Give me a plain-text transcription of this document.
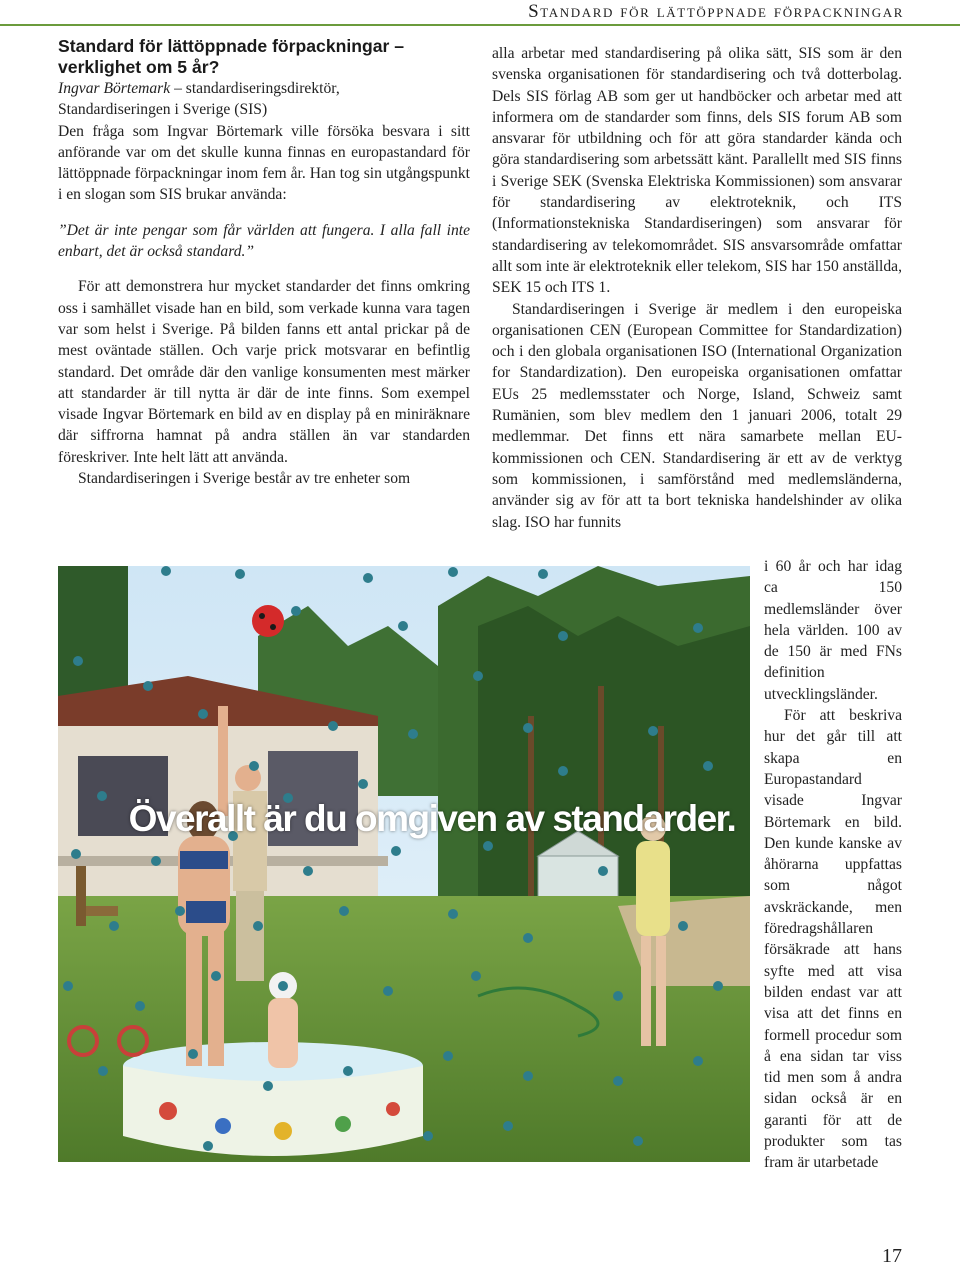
Standard för lättöppnade förpackningar
Standard för lättöppnade förpackningar – verklighet om 5 år?

Ingvar Börtemark – standardiseringsdirektör,

Standardiseringen i Sverige (SIS)

Den fråga som Ingvar Börtemark ville försöka besvara i sitt anförande var om det skulle kunna finnas en europastandard för lättöppnade förpackningar inom fem år. Han tog sin utgångspunkt i en slogan som SIS brukar använda:

”Det är inte pengar som får världen att fungera. I alla fall inte enbart, det är också standard.”

För att demonstrera hur mycket standarder det finns omkring oss i samhället visade han en bild, som verkade kunna vara tagen var som helst i Sverige. På bilden fanns ett antal prickar på de mest oväntade ställen. Och varje prick motsvarar en befintlig standard. Det område där den vanlige konsumenten mest märker att standarder är till nytta är där de inte finns. Som exempel visade Ingvar Börtemark en bild av en display på en miniräknare där siffrorna hamnat på andra ställen än var standarden föreskriver. Inte helt lätt att använda.

Standardiseringen i Sverige består av tre enheter som

alla arbetar med standardisering på olika sätt, SIS som är den svenska organisationen för standardisering och två dotterbolag. Dels SIS förlag AB som ger ut handböcker och arbetar med att informera om de standarder som finns, dels SIS forum AB som ansvarar för utbildning och för att göra standarder kända och göra standardisering som arbetssätt känt. Parallellt med SIS finns i Sverige SEK (Svenska Elektriska Kommissionen) som ansvarar för standardisering av elektroteknik, och ITS (Informationstekniska Standardiseringen) som ansvarar för standardisering av telekomområdet. SIS ansvarsområde omfattar allt som inte är elektroteknik eller telekom, SIS har 150 anställda, SEK 15 och ITS 1.

Standardiseringen i Sverige är medlem i den europeiska organisationen CEN (European Committee for Standardization) och i den globala organisationen ISO (International Organization for Standardization). Den europeiska organisationen omfattar EUs 25 medlemsstater och Norge, Island, Schweiz samt Rumänien, som blev medlem den 1 januari 2006, totalt 29 medlemmar. Det finns ett nära samarbete mellan EU-kommissionen och CEN. Standardisering är ett av de verktyg som kommissionen, i samförstånd med medlemsländerna, använder sig av för att ta bort tekniska handelshinder av olika slag. ISO har funnits

i 60 år och har idag ca 150 medlemsländer över hela världen. 100 av de 150 är med FNs definition utvecklingsländer.

För att beskriva hur det går till att skapa en Europastandard visade Ingvar Börtemark en bild. Den kunde kanske av åhörarna uppfattas som något avskräckande, men föredragshållaren försäkrade att hans syfte med att visa bilden endast var att visa att det finns en formell procedur som å ena sidan tar viss tid men som å andra sidan också är en garanti för att de produkter som tas fram är utarbetade

Överallt är du omgiven av standarder.
17
